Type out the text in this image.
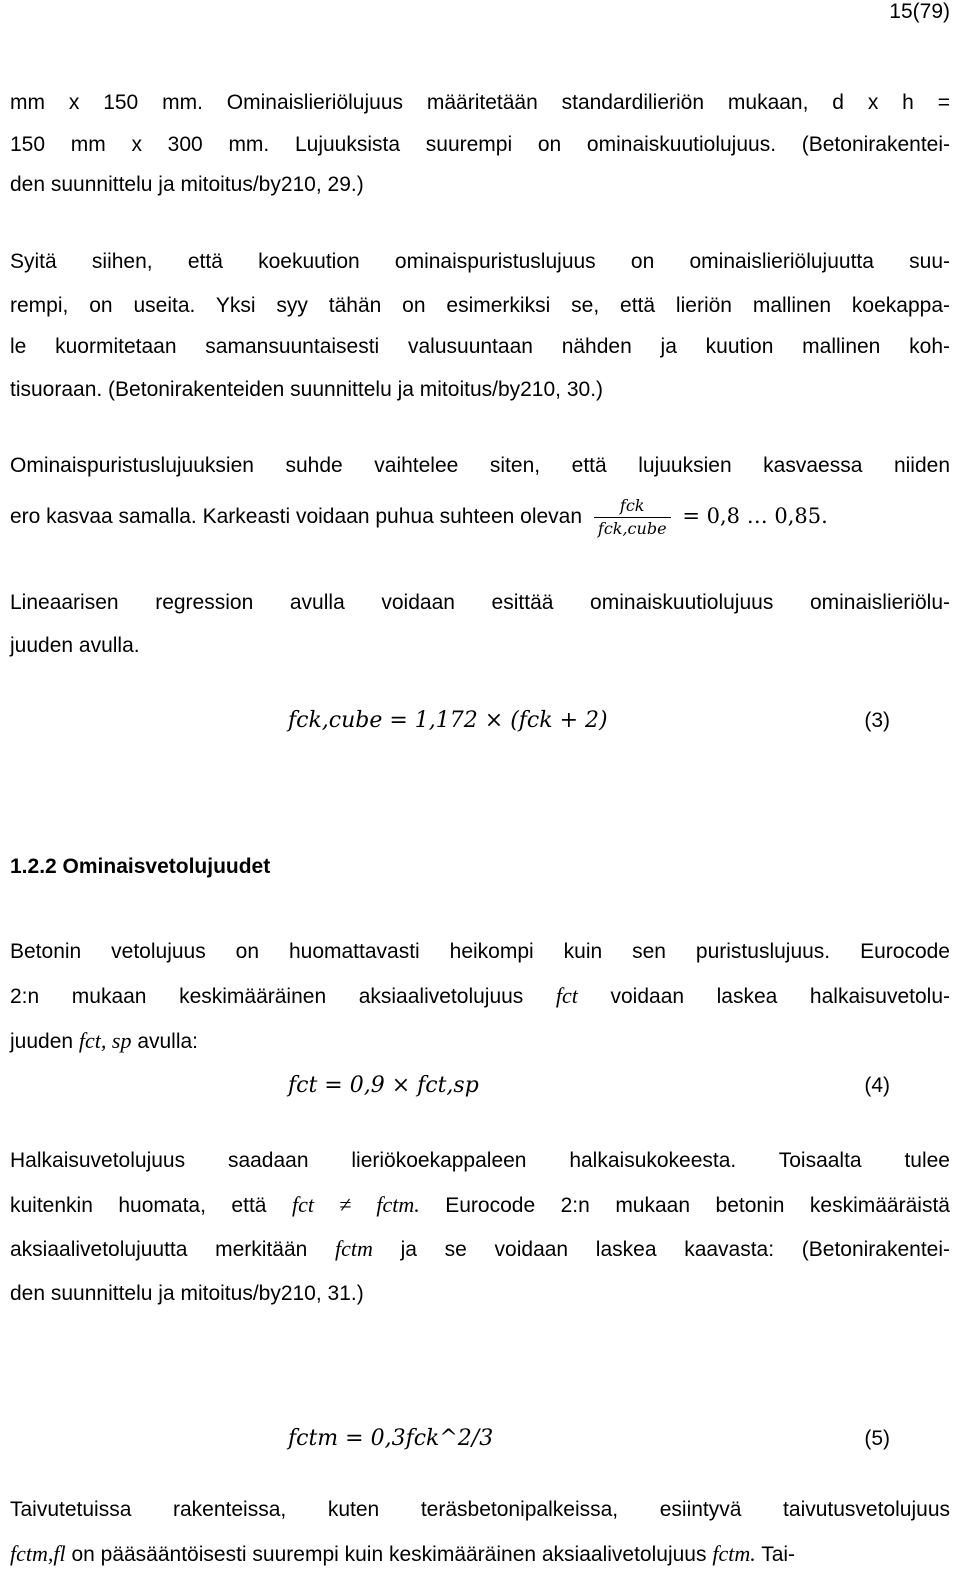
15(79)
mm x 150 mm. Ominaislieriölujuus määritetään standardilieriön mukaan, d x h =
150 mm x 300 mm. Lujuuksista suurempi on ominaiskuutiolujuus. (Betonirakentei-
den suunnittelu ja mitoitus/by210, 29.)
Syitä siihen, että koekuution ominaispuristuslujuus on ominaislieriölujuutta suu-
rempi, on useita. Yksi syy tähän on esimerkiksi se, että lieriön mallinen koekappa-
le kuormitetaan samansuuntaisesti valusuuntaan nähden ja kuution mallinen koh-
tisuoraan. (Betonirakenteiden suunnittelu ja mitoitus/by210, 30.)
Ominaispuristuslujuuksien suhde vaihtelee siten, että lujuuksien kasvaessa niiden
ero kasvaa samalla. Karkeasti voidaan puhua suhteen olevan $\frac{\text{fck}}{\text{fck,cube}} = 0,8$ … 0,85.
Lineaarisen regression avulla voidaan esittää ominaiskuutiolujuus ominaislieriölu-
juuden avulla.
fck,cube = 1,172 × (fck + 2)	(3)
1.2.2 Ominaisvetolujuudet
Betonin vetolujuus on huomattavasti heikompi kuin sen puristuslujuus. Eurocode
2:n mukaan keskimääräinen aksiaalivetolujuus fct voidaan laskea halkaisuvetolu-
juuden fct, sp avulla:
fct = 0,9 × fct,sp	(4)
Halkaisuvetolujuus saadaan lieriökoekappaleen halkaisukokeesta. Toisaalta tulee
kuitenkin huomata, että fct ≠ fctm. Eurocode 2:n mukaan betonin keskimääräistä
aksiaalivetolujuutta merkitään fctm ja se voidaan laskea kaavasta: (Betonirakentei-
den suunnittelu ja mitoitus/by210, 31.)
fctm = 0,3fck^2/3	(5)
Taivutetuissa rakenteissa, kuten teräsbetonipalkeissa, esiintyvä taivutusvetolujuus
fctm,fl on pääsääntöisesti suurempi kuin keskimääräinen aksiaalivetolujuus fctm. Tai-
